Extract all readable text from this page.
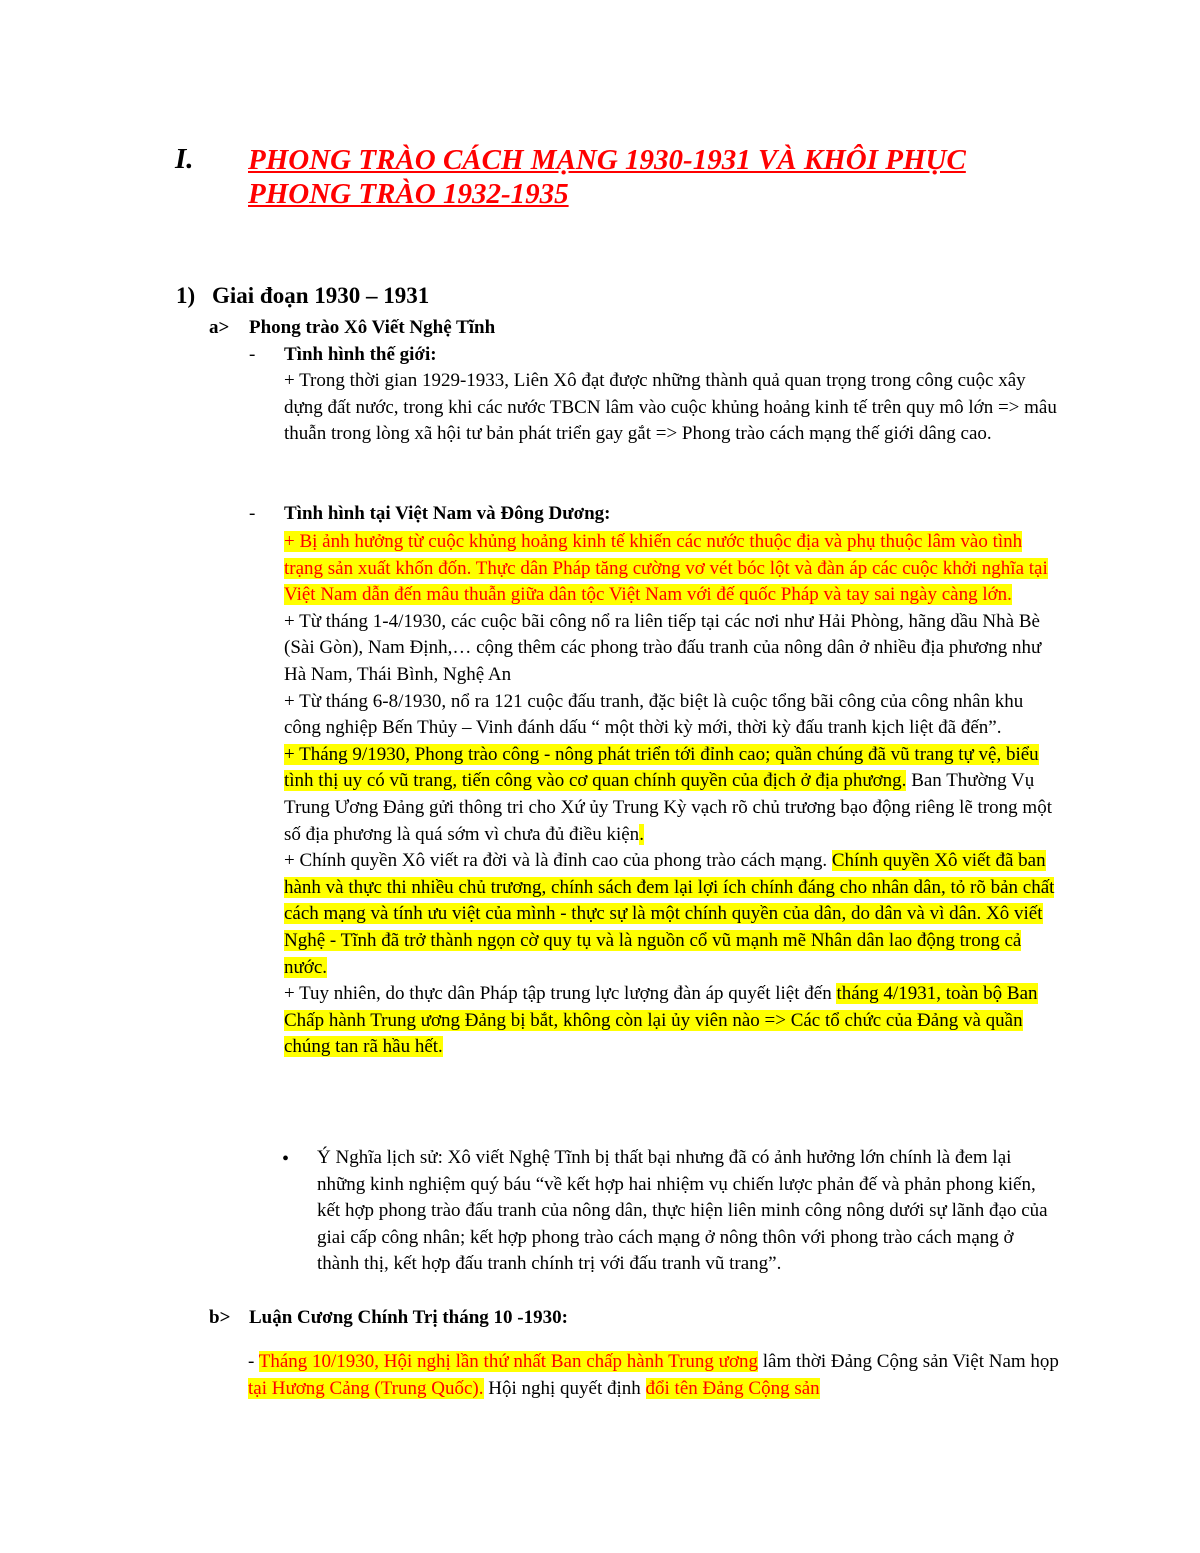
I. PHONG TRÀO CÁCH MẠNG 1930-1931 VÀ KHÔI PHỤC
PHONG TRÀO 1932-1935
1) Giai đoạn 1930 – 1931
a> Phong trào Xô Viết Nghệ Tĩnh
- Tình hình thế giới:

+ Trong thời gian 1929-1933, Liên Xô đạt được những thành quả quan trọng trong công cuộc xây dựng đất nước, trong khi các nước TBCN lâm vào cuộc khủng hoảng kinh tế trên quy mô lớn => mâu thuẫn trong lòng xã hội tư bản phát triển gay gắt => Phong trào cách mạng thế giới dâng cao.

- Tình hình tại Việt Nam và Đông Dương:
+ Bị ảnh hưởng từ cuộc khủng hoảng kinh tế khiến các nước thuộc địa và phụ thuộc lâm vào tình trạng sản xuất khốn đốn. Thực dân Pháp tăng cường vơ vét bóc lột và đàn áp các cuộc khởi nghĩa tại Việt Nam dẫn đến mâu thuẫn giữa dân tộc Việt Nam với đế quốc Pháp và tay sai ngày càng lớn.
+ Từ tháng 1-4/1930, các cuộc bãi công nổ ra liên tiếp tại các nơi như Hải Phòng, hãng dầu Nhà Bè (Sài Gòn), Nam Định,… cộng thêm các phong trào đấu tranh của nông dân ở nhiều địa phương như Hà Nam, Thái Bình, Nghệ An
+ Từ tháng 6-8/1930, nổ ra 121 cuộc đấu tranh, đặc biệt là cuộc tổng bãi công của công nhân khu công nghiệp Bến Thủy – Vinh đánh dấu “ một thời kỳ mới, thời kỳ đấu tranh kịch liệt đã đến”.
+ Tháng 9/1930, Phong trào công - nông phát triển tới đỉnh cao; quần chúng đã vũ trang tự vệ, biểu tình thị uy có vũ trang, tiến công vào cơ quan chính quyền của địch ở địa phương. Ban Thường Vụ Trung Ương Đảng gửi thông tri cho Xứ ủy Trung Kỳ vạch rõ chủ trương bạo động riêng lẽ trong một số địa phương là quá sớm vì chưa đủ điều kiện.
+ Chính quyền Xô viết ra đời và là đỉnh cao của phong trào cách mạng. Chính quyền Xô viết đã ban hành và thực thi nhiều chủ trương, chính sách đem lại lợi ích chính đáng cho nhân dân, tỏ rõ bản chất cách mạng và tính ưu việt của mình - thực sự là một chính quyền của dân, do dân và vì dân. Xô viết Nghệ - Tĩnh đã trở thành ngọn cờ quy tụ và là nguồn cổ vũ mạnh mẽ Nhân dân lao động trong cả nước.
+ Tuy nhiên, do thực dân Pháp tập trung lực lượng đàn áp quyết liệt đến tháng 4/1931, toàn bộ Ban Chấp hành Trung ương Đảng bị bắt, không còn lại ủy viên nào => Các tổ chức của Đảng và quần chúng tan rã hầu hết.
• Ý Nghĩa lịch sử: Xô viết Nghệ Tĩnh bị thất bại nhưng đã có ảnh hưởng lớn chính là đem lại những kinh nghiệm quý báu “về kết hợp hai nhiệm vụ chiến lược phản đế và phản phong kiến, kết hợp phong trào đấu tranh của nông dân, thực hiện liên minh công nông dưới sự lãnh đạo của giai cấp công nhân; kết hợp phong trào cách mạng ở nông thôn với phong trào cách mạng ở thành thị, kết hợp đấu tranh chính trị với đấu tranh vũ trang”.

b> Luận Cương Chính Trị tháng 10 -1930:

- Tháng 10/1930, Hội nghị lần thứ nhất Ban chấp hành Trung ương lâm thời Đảng Cộng sản Việt Nam họp tại Hương Cảng (Trung Quốc). Hội nghị quyết định đổi tên Đảng Cộng sản
